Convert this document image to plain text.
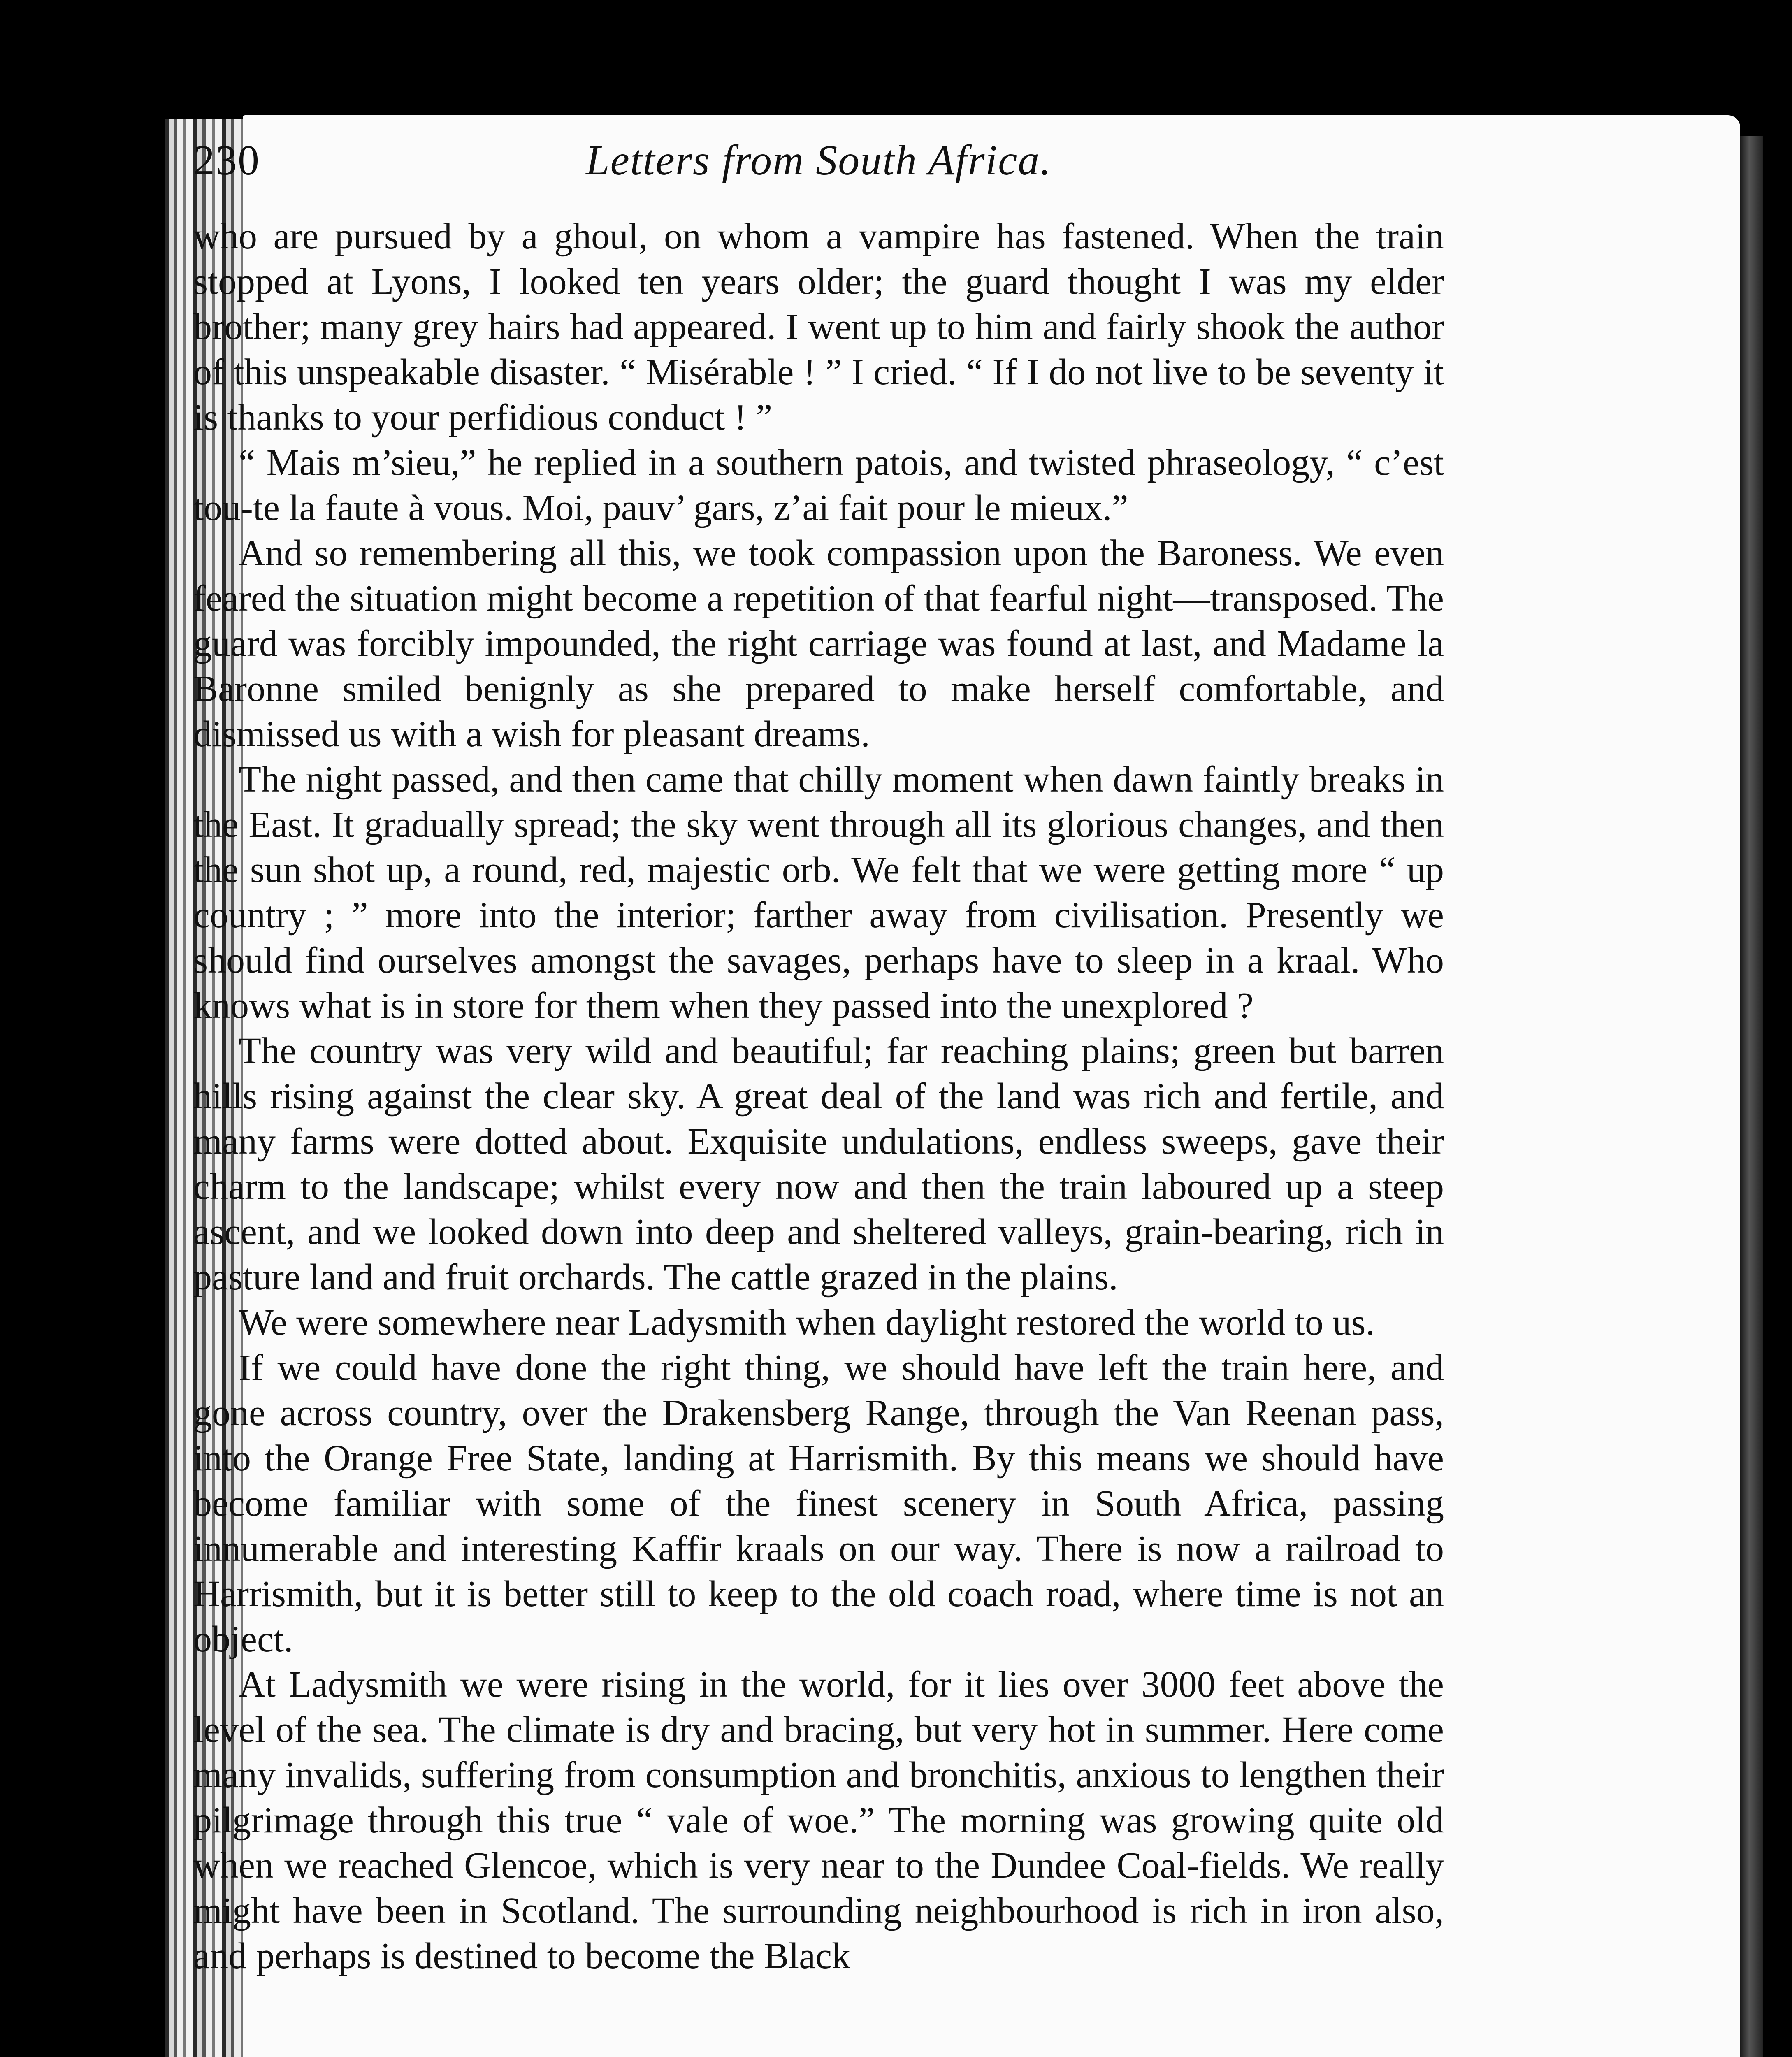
Letters from South Africa.
230

who are pursued by a ghoul, on whom a vampire has fastened. When the train stopped at Lyons, I looked ten years older; the guard thought I was my elder brother; many grey hairs had appeared. I went up to him and fairly shook the author of this unspeakable disaster. “ Misérable ! ” I cried. “ If I do not live to be seventy it is thanks to your perfidious conduct ! ”

“ Mais m’sieu,” he replied in a southern patois, and twisted phraseology, “ c’est tou-te la faute à vous. Moi, pauv’ gars, z’ai fait pour le mieux.”

And so remembering all this, we took compassion upon the Baroness. We even feared the situation might become a repetition of that fearful night—transposed. The guard was forcibly impounded, the right carriage was found at last, and Madame la Baronne smiled benignly as she prepared to make herself comfortable, and dismissed us with a wish for pleasant dreams.

The night passed, and then came that chilly moment when dawn faintly breaks in the East. It gradually spread; the sky went through all its glorious changes, and then the sun shot up, a round, red, majestic orb. We felt that we were getting more “ up country ; ” more into the interior; farther away from civilisation. Presently we should find ourselves amongst the savages, perhaps have to sleep in a kraal. Who knows what is in store for them when they passed into the unexplored ?

The country was very wild and beautiful; far reaching plains; green but barren hills rising against the clear sky. A great deal of the land was rich and fertile, and many farms were dotted about. Exquisite undulations, endless sweeps, gave their charm to the landscape; whilst every now and then the train laboured up a steep ascent, and we looked down into deep and sheltered valleys, grain-bearing, rich in pasture land and fruit orchards. The cattle grazed in the plains.

We were somewhere near Ladysmith when daylight restored the world to us.

If we could have done the right thing, we should have left the train here, and gone across country, over the Drakensberg Range, through the Van Reenan pass, into the Orange Free State, landing at Harrismith. By this means we should have become familiar with some of the finest scenery in South Africa, passing innumerable and interesting Kaffir kraals on our way. There is now a railroad to Harrismith, but it is better still to keep to the old coach road, where time is not an object.

At Ladysmith we were rising in the world, for it lies over 3000 feet above the level of the sea. The climate is dry and bracing, but very hot in summer. Here come many invalids, suffering from consumption and bronchitis, anxious to lengthen their pilgrimage through this true “ vale of woe.” The morning was growing quite old when we reached Glencoe, which is very near to the Dundee Coal-fields. We really might have been in Scotland. The surrounding neighbourhood is rich in iron also, and perhaps is destined to become the Black
